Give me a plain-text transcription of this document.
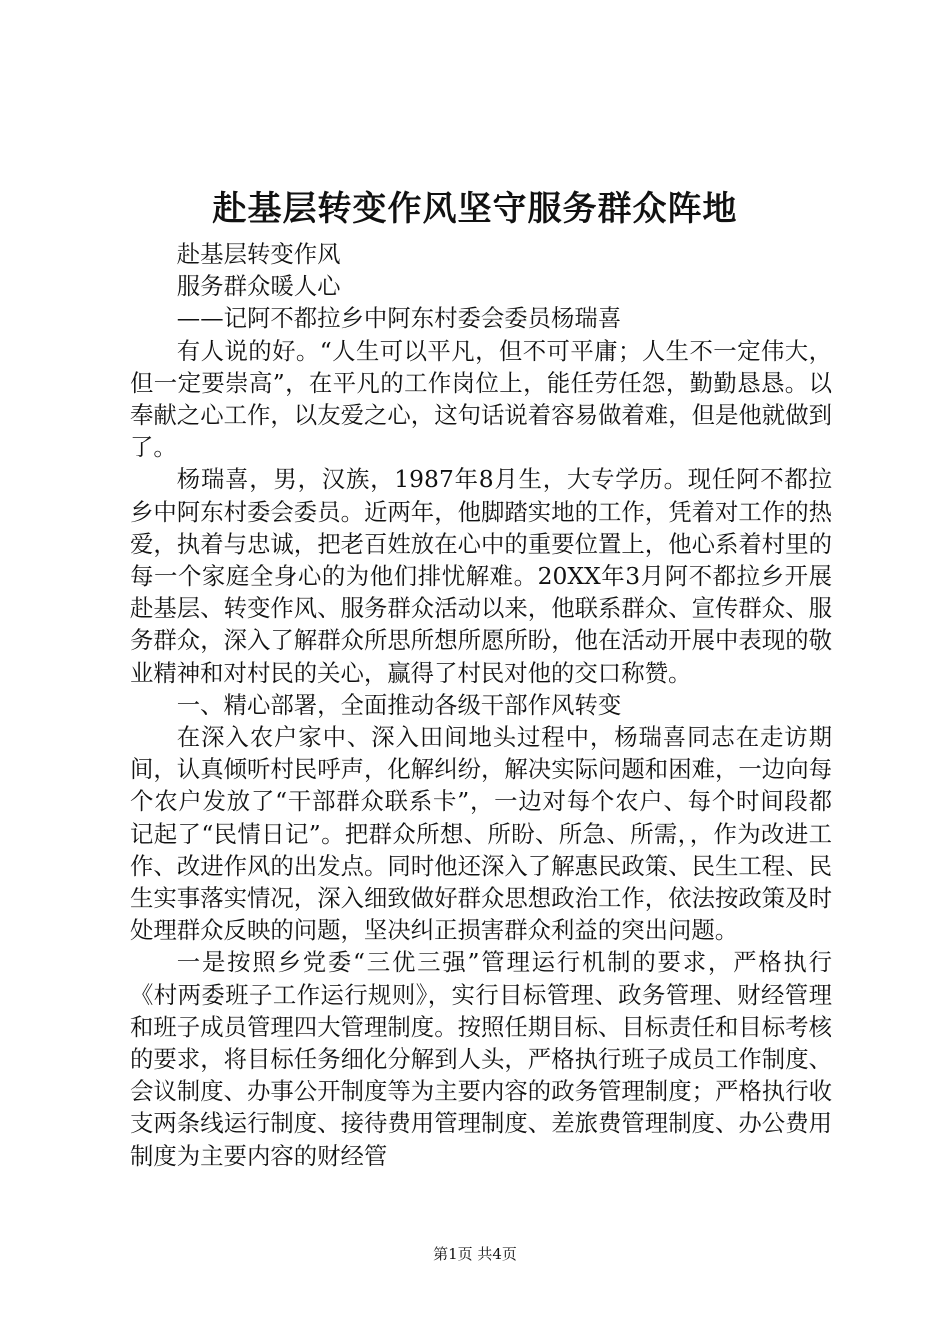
赴基层转变作风坚守服务群众阵地

赴基层转变作风

服务群众暖人心

——记阿不都拉乡中阿东村委会委员杨瑞喜

有人说的好。“人生可以平凡，但不可平庸；人生不一定伟大，但一定要崇高”，在平凡的工作岗位上，能任劳任怨，勤勤恳恳。以奉献之心工作，以友爱之心，这句话说着容易做着难，但是他就做到了。

杨瑞喜，男，汉族，1987年8月生，大专学历。现任阿不都拉乡中阿东村委会委员。近两年，他脚踏实地的工作，凭着对工作的热爱，执着与忠诚，把老百姓放在心中的重要位置上，他心系着村里的每一个家庭全身心的为他们排忧解难。20XX年3月阿不都拉乡开展赴基层、转变作风、服务群众活动以来，他联系群众、宣传群众、服务群众，深入了解群众所思所想所愿所盼，他在活动开展中表现的敬业精神和对村民的关心，赢得了村民对他的交口称赞。

一、精心部署，全面推动各级干部作风转变

在深入农户家中、深入田间地头过程中，杨瑞喜同志在走访期间，认真倾听村民呼声，化解纠纷，解决实际问题和困难，一边向每个农户发放了“干部群众联系卡”，一边对每个农户、每个时间段都记起了“民情日记”。把群众所想、所盼、所急、所需，，作为改进工作、改进作风的出发点。同时他还深入了解惠民政策、民生工程、民生实事落实情况，深入细致做好群众思想政治工作，依法按政策及时处理群众反映的问题，坚决纠正损害群众利益的突出问题。

一是按照乡党委“三优三强”管理运行机制的要求，严格执行《村两委班子工作运行规则》，实行目标管理、政务管理、财经管理和班子成员管理四大管理制度。按照任期目标、目标责任和目标考核的要求，将目标任务细化分解到人头，严格执行班子成员工作制度、会议制度、办事公开制度等为主要内容的政务管理制度；严格执行收支两条线运行制度、接待费用管理制度、差旅费管理制度、办公费用制度为主要内容的财经管

第1页 共4页
